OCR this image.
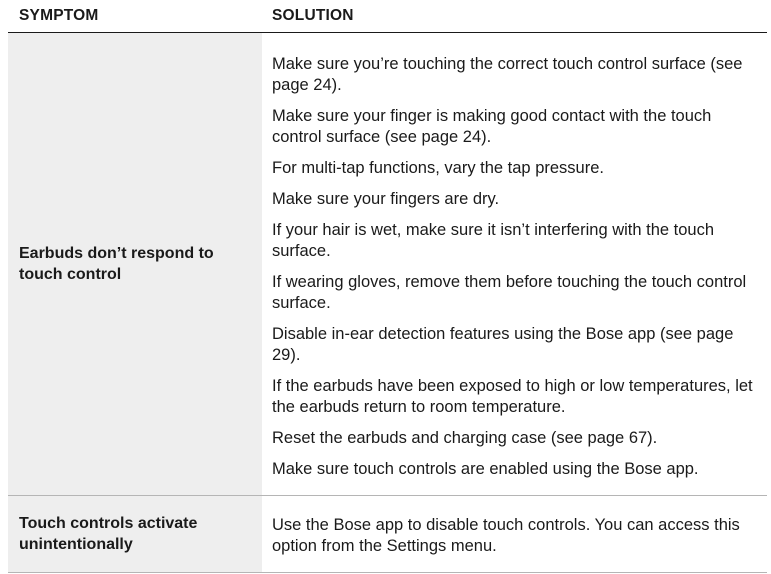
SYMPTOM	SOLUTION
Earbuds don’t respond to touch control

Make sure you’re touching the correct touch control surface (see page 24).

Make sure your finger is making good contact with the touch control surface (see page 24).

For multi-tap functions, vary the tap pressure.

Make sure your fingers are dry.

If your hair is wet, make sure it isn’t interfering with the touch surface.

If wearing gloves, remove them before touching the touch control surface.

Disable in-ear detection features using the Bose app (see page 29).

If the earbuds have been exposed to high or low temperatures, let the earbuds return to room temperature.

Reset the earbuds and charging case (see page 67).

Make sure touch controls are enabled using the Bose app.

Touch controls activate unintentionally

Use the Bose app to disable touch controls. You can access this option from the Settings menu.
